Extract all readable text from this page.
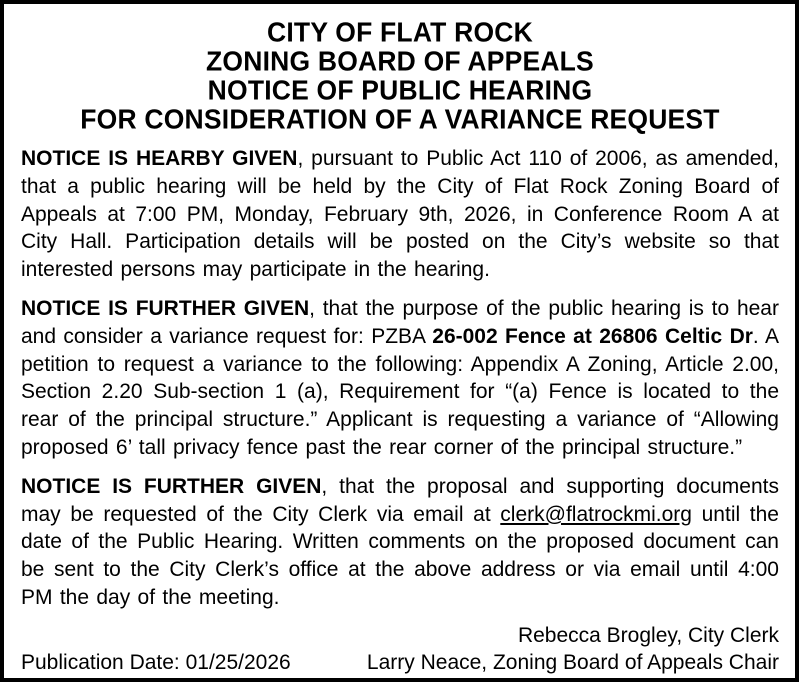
CITY OF FLAT ROCK
ZONING BOARD OF APPEALS
NOTICE OF PUBLIC HEARING
FOR CONSIDERATION OF A VARIANCE REQUEST

NOTICE IS HEARBY GIVEN, pursuant to Public Act 110 of 2006, as amended, that a public hearing will be held by the City of Flat Rock Zoning Board of Appeals at 7:00 PM, Monday, February 9th, 2026, in Conference Room A at City Hall. Participation details will be posted on the City’s website so that interested persons may participate in the hearing.

NOTICE IS FURTHER GIVEN, that the purpose of the public hearing is to hear and consider a variance request for: PZBA 26-002 Fence at 26806 Celtic Dr. A petition to request a variance to the following: Appendix A Zoning, Article 2.00, Section 2.20 Sub-section 1 (a), Requirement for “(a) Fence is located to the rear of the principal structure.” Applicant is requesting a variance of “Allowing proposed 6’ tall privacy fence past the rear corner of the principal structure.”

NOTICE IS FURTHER GIVEN, that the proposal and supporting documents may be requested of the City Clerk via email at clerk@flatrockmi.org until the date of the Public Hearing. Written comments on the proposed document can be sent to the City Clerk’s office at the above address or via email until 4:00 PM the day of the meeting.

Rebecca Brogley, City Clerk
Publication Date: 01/25/2026	Larry Neace, Zoning Board of Appeals Chair
